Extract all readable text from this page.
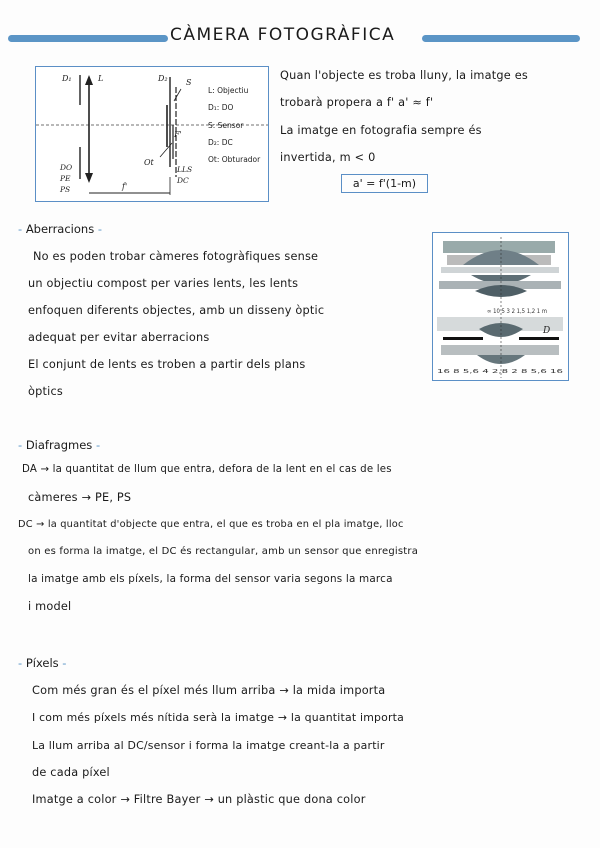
CÀMERA FOTOGRÀFICA
D₁	L	D₂ S
F'
Ot
LLS
DC
DO
PE
PS	f'
L: Objectiu
D₁: DO
S: Sensor
D₂: DC
Ot: Obturador
Quan l'objecte es troba lluny, la imatge es
trobarà propera a f' a' ≈ f'
La imatge en fotografia sempre és
invertida, m < 0
a' = f'(1-m)
- Aberracions -
No es poden trobar càmeres fotogràfiques sense
un objectiu compost per varies lents, les lents
enfoquen diferents objectes, amb un disseny òptic
adequat per evitar aberracions
El conjunt de lents es troben a partir dels plans
òptics
∞ 10 5 3 2 1,5 1,2 1 m
D
16 8 5,6 4 2,8 2 8 5,6 16
- Diafragmes -
DA → la quantitat de llum que entra, defora de la lent en el cas de les
càmeres → PE, PS
DC → la quantitat d'objecte que entra, el que es troba en el pla imatge, lloc
on es forma la imatge, el DC és rectangular, amb un sensor que enregistra
la imatge amb els píxels, la forma del sensor varia segons la marca
i model
- Píxels -
Com més gran és el píxel més llum arriba → la mida importa
I com més píxels més nítida serà la imatge → la quantitat importa
La llum arriba al DC/sensor i forma la imatge creant-la a partir
de cada píxel
Imatge a color → Filtre Bayer → un plàstic que dona color
